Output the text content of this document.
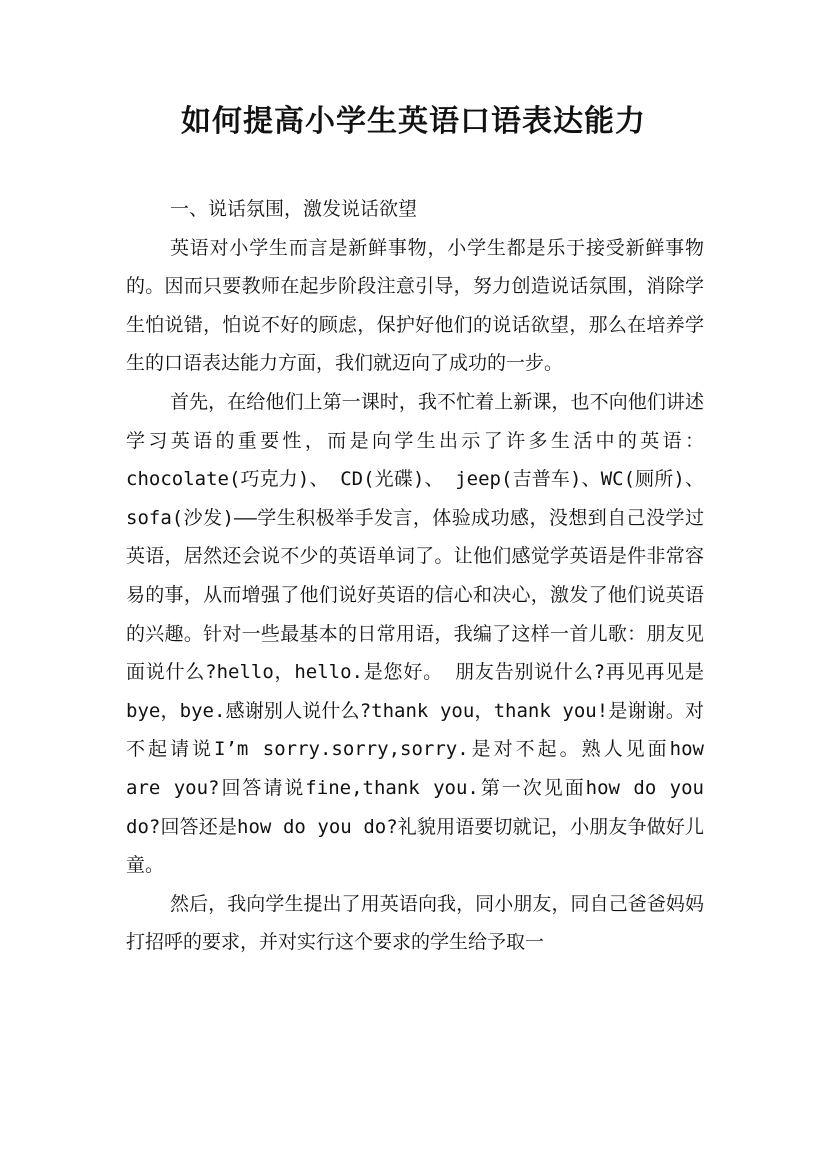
如何提高小学生英语口语表达能力

一、说话氛围，激发说话欲望

英语对小学生而言是新鲜事物，小学生都是乐于接受新鲜事物的。因而只要教师在起步阶段注意引导，努力创造说话氛围，消除学生怕说错，怕说不好的顾虑，保护好他们的说话欲望，那么在培养学生的口语表达能力方面，我们就迈向了成功的一步。

首先，在给他们上第一课时，我不忙着上新课，也不向他们讲述学习英语的重要性，而是向学生出示了许多生活中的英语：chocolate(巧克力)、 CD(光碟)、 jeep(吉普车)、WC(厕所)、 sofa(沙发)——学生积极举手发言，体验成功感，没想到自己没学过英语，居然还会说不少的英语单词了。让他们感觉学英语是件非常容易的事，从而增强了他们说好英语的信心和决心，激发了他们说英语的兴趣。针对一些最基本的日常用语，我编了这样一首儿歌：朋友见面说什么?hello，hello.是您好。 朋友告别说什么?再见再见是bye，bye.感谢别人说什么?thank you，thank you!是谢谢。对不起请说I’m sorry.sorry,sorry.是对不起。熟人见面how are you?回答请说fine,thank you.第一次见面how do you do?回答还是how do you do?礼貌用语要切就记，小朋友争做好儿童。

然后，我向学生提出了用英语向我，同小朋友，同自己爸爸妈妈打招呼的要求，并对实行这个要求的学生给予取一
